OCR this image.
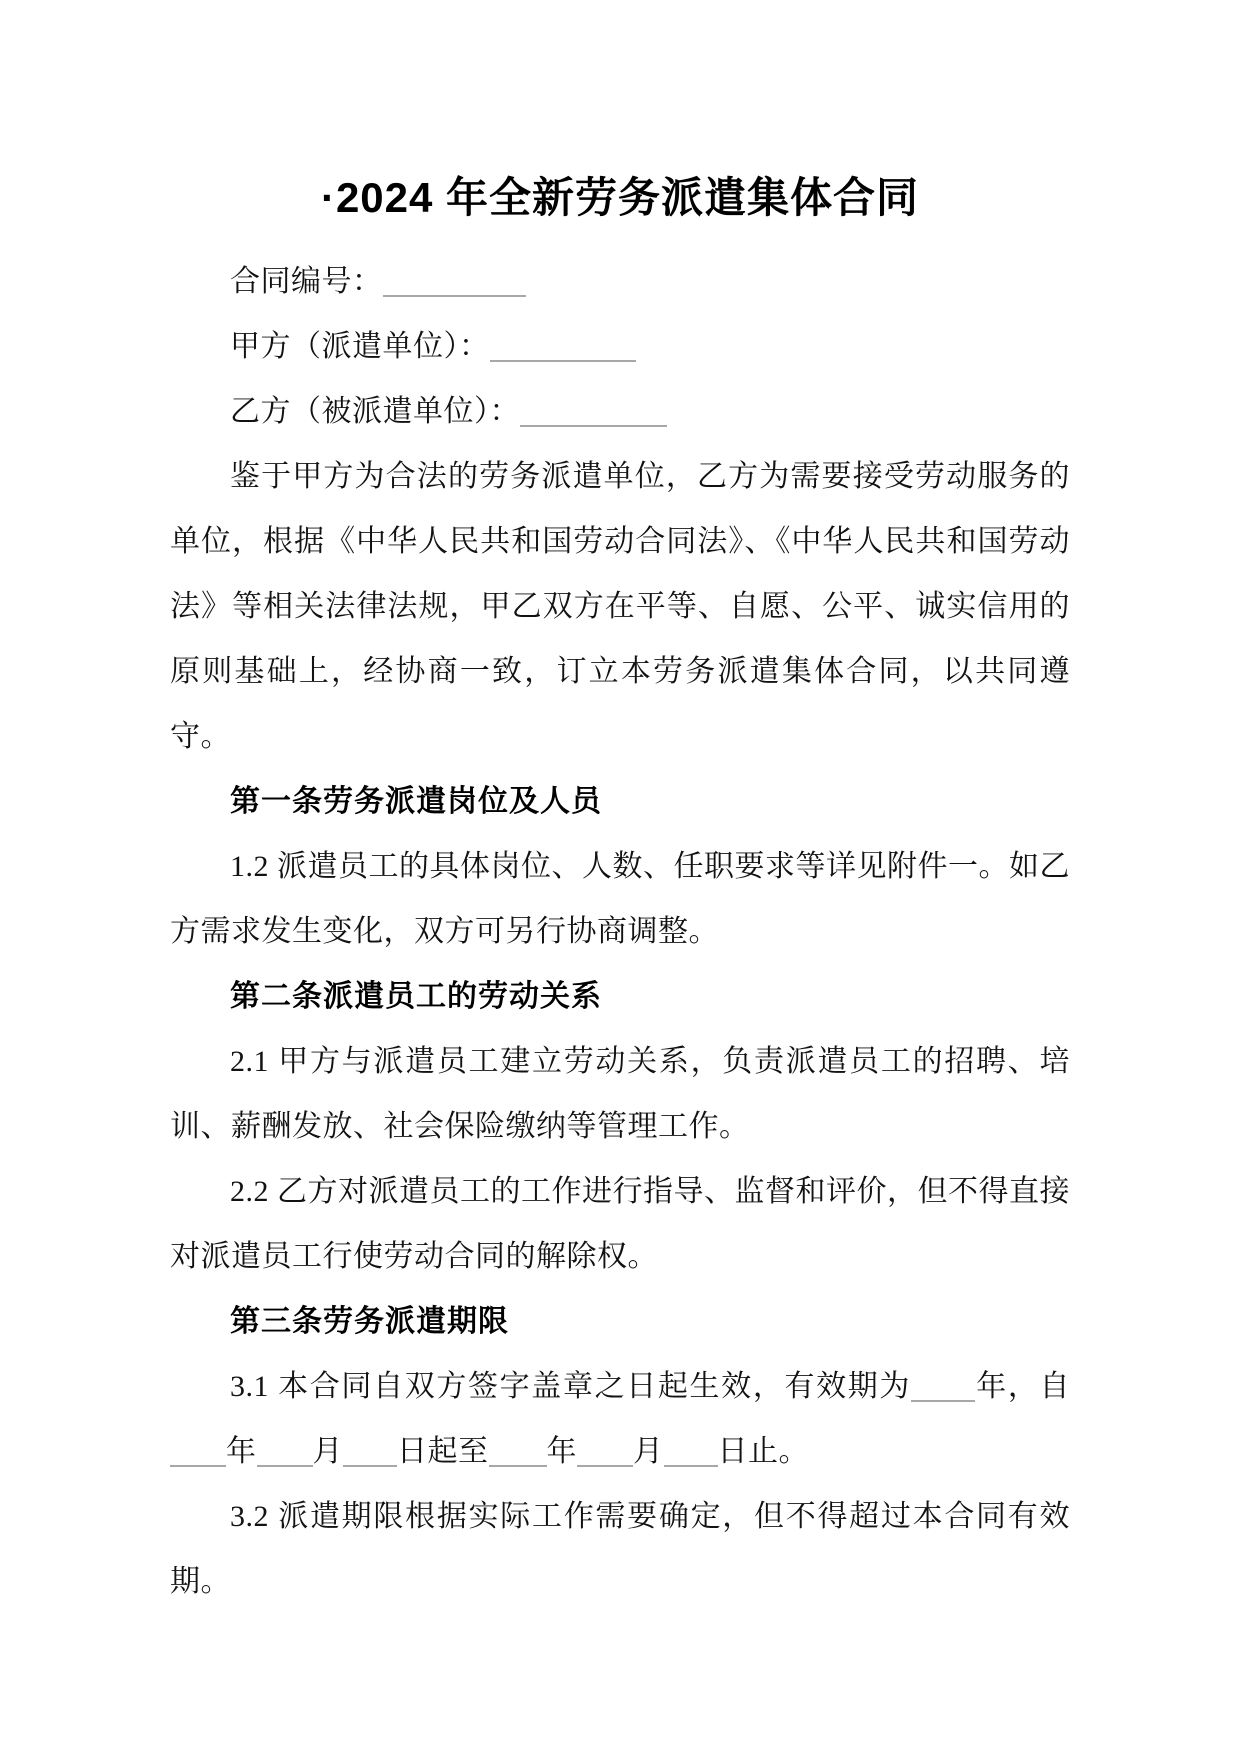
·2024 年全新劳务派遣集体合同

合同编号：

甲方（派遣单位）：

乙方（被派遣单位）：

鉴于甲方为合法的劳务派遣单位，乙方为需要接受劳动服务的单位，根据《中华人民共和国劳动合同法》、《中华人民共和国劳动法》等相关法律法规，甲乙双方在平等、自愿、公平、诚实信用的原则基础上，经协商一致，订立本劳务派遣集体合同，以共同遵守。

第一条劳务派遣岗位及人员

1.2 派遣员工的具体岗位、人数、任职要求等详见附件一。如乙方需求发生变化，双方可另行协商调整。

第二条派遣员工的劳动关系

2.1 甲方与派遣员工建立劳动关系，负责派遣员工的招聘、培训、薪酬发放、社会保险缴纳等管理工作。

2.2 乙方对派遣员工的工作进行指导、监督和评价，但不得直接对派遣员工行使劳动合同的解除权。

第三条劳务派遣期限

3.1 本合同自双方签字盖章之日起生效，有效期为 年，自年 月 日起至 年 月 日止。

3.2 派遣期限根据实际工作需要确定，但不得超过本合同有效期。
